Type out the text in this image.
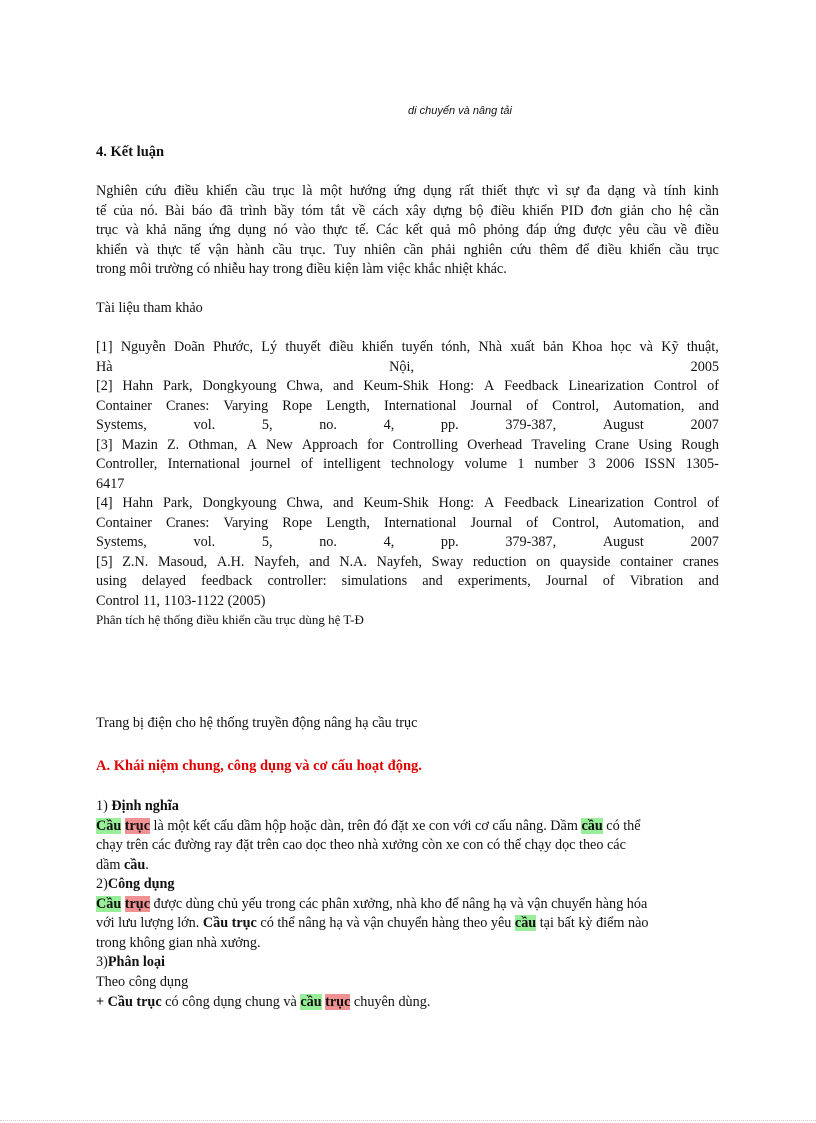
di chuyển và nâng tải
4. Kết luận
Nghiên cứu điều khiển cầu trục là một hướng ứng dụng rất thiết thực vì sự đa dạng và tính kinh
tế của nó. Bài báo đã trình bầy tóm tắt về cách xây dựng bộ điều khiển PID đơn giản cho hệ cần
trục và khả năng ứng dụng nó vào thực tế. Các kết quả mô phỏng đáp ứng được yêu cầu về điều
khiển và thực tế vận hành cầu trục. Tuy nhiên cần phải nghiên cứu thêm để điều khiển cầu trục
trong môi trường có nhiễu hay trong điều kiện làm việc khắc nhiệt khác.
Tài liệu tham khảo
[1] Nguyễn Doãn Phước, Lý thuyết điều khiển tuyến tónh, Nhà xuất bản Khoa học và Kỹ thuật,
Hà	Nội,	2005
[2] Hahn Park, Dongkyoung Chwa, and Keum-Shik Hong: A Feedback Linearization Control of
Container Cranes: Varying Rope Length, International Journal of Control, Automation, and
Systems,	vol.	5,	no.	4,	pp.	379-387,	August	2007
[3] Mazin Z. Othman, A New Approach for Controlling Overhead Traveling Crane Using Rough
Controller, International journel of intelligent technology volume 1 number 3 2006 ISSN 1305-
6417
[4] Hahn Park, Dongkyoung Chwa, and Keum-Shik Hong: A Feedback Linearization Control of
Container Cranes: Varying Rope Length, International Journal of Control, Automation, and
Systems,	vol.	5,	no.	4,	pp.	379-387,	August	2007
[5] Z.N. Masoud, A.H. Nayfeh, and N.A. Nayfeh, Sway reduction on quayside container cranes
using delayed feedback controller: simulations and experiments, Journal of Vibration and
Control 11, 1103-1122 (2005)
Phân tích hệ thống điều khiển cầu trục dùng hệ T-Đ
Trang bị điện cho hệ thống truyền động nâng hạ cầu trục
A. Khái niệm chung, công dụng và cơ cấu hoạt động.
1) Định nghĩa
Cầu trục là một kết cấu dầm hộp hoặc dàn, trên đó đặt xe con với cơ cấu nâng. Dầm cầu có thể
chạy trên các đường ray đặt trên cao dọc theo nhà xưởng còn xe con có thể chạy dọc theo các
dầm cầu.
2)Công dụng
Cầu trục được dùng chủ yếu trong các phân xưởng, nhà kho để nâng hạ và vận chuyển hàng hóa
với lưu lượng lớn. Cầu trục có thể nâng hạ và vận chuyển hàng theo yêu cầu tại bất kỳ điểm nào
trong không gian nhà xưởng.
3)Phân loại
Theo công dụng
+ Cầu trục có công dụng chung và cầu trục chuyên dùng.
